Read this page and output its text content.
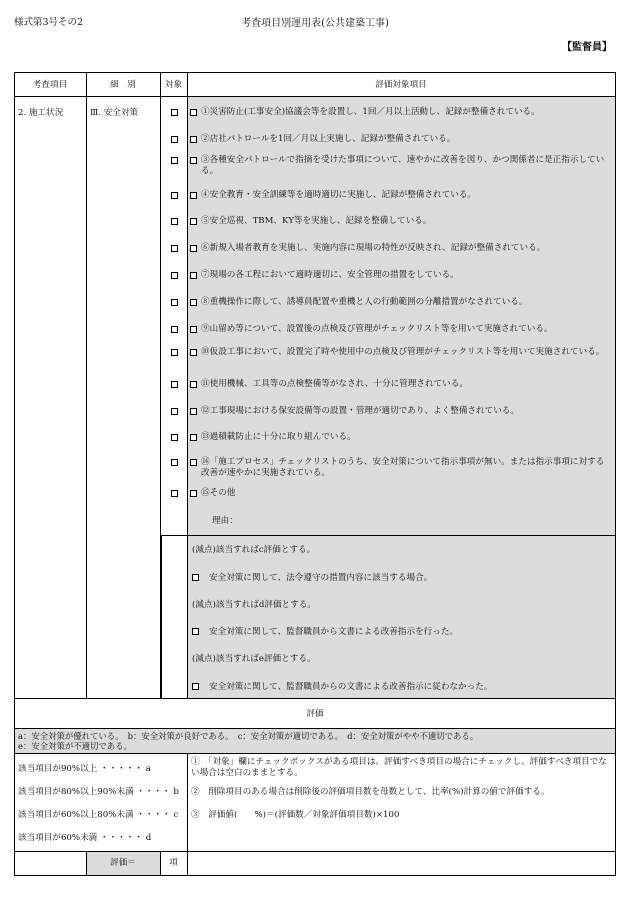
様式第3号その2	考査項目別運用表(公共建築工事)
【監督員】
考査項目	細　別	対象	評価対象項目
2. 施工状況	Ⅲ. 安全対策	①災害防止(工事安全)協議会等を設置し、1回／月以上活動し、記録が整備されている。
②店社パトロールを1回／月以上実施し、記録が整備されている。
③各種安全パトロールで指摘を受けた事項について、速やかに改善を図り、かつ関係者に是正指示している。
④安全教育・安全訓練等を適時適切に実施し、記録が整備されている。
⑤安全巡視、TBM、KY等を実施し、記録を整備している。
⑥新規入場者教育を実施し、実施内容に現場の特性が反映され、記録が整備されている。
⑦現場の各工程において適時適切に、安全管理の措置をしている。
⑧重機操作に際して、誘導員配置や重機と人の行動範囲の分離措置がなされている。
⑨山留め等について、設置後の点検及び管理がチェックリスト等を用いて実施されている。
⑩仮設工事において、設置完了時や使用中の点検及び管理がチェックリスト等を用いて実施されている。
⑪使用機械、工具等の点検整備等がなされ、十分に管理されている。
⑫工事現場における保安設備等の設置・管理が適切であり、よく整備されている。
⑬過積載防止に十分に取り組んでいる。
⑭「施工プロセス」チェックリストのうち、安全対策について指示事項が無い。または指示事項に対する改善が速やかに実施されている。
⑮その他
理由：
(減点)該当すればc評価とする。
安全対策に関して、法令遵守の措置内容に該当する場合。
(減点)該当すればd評価とする。
安全対策に関して、監督職員から文書による改善指示を行った。
(減点)該当すればe評価とする。
安全対策に関して、監督職員からの文書による改善指示に従わなかった。
評価
a：安全対策が優れている。　b：安全対策が良好である。　c：安全対策が適切である。　d：安全対策がやや不適切である。
e：安全対策が不適切である。
該当項目が90%以上 ・・・・・ a
該当項目が80%以上90%未満 ・・・・ b
該当項目が60%以上80%未満 ・・・・ c
該当項目が60%未満 ・・・・・ d
①　「対象」欄にチェックボックスがある項目は、評価すべき項目の場合にチェックし、評価すべき項目でない場合は空白のままとする。
②　削除項目のある場合は削除後の評価項目数を母数として、比率(%)計算の値で評価する。
③　評価値(　　%)＝(評価数／対象評価項目数)×100
評価＝	項
